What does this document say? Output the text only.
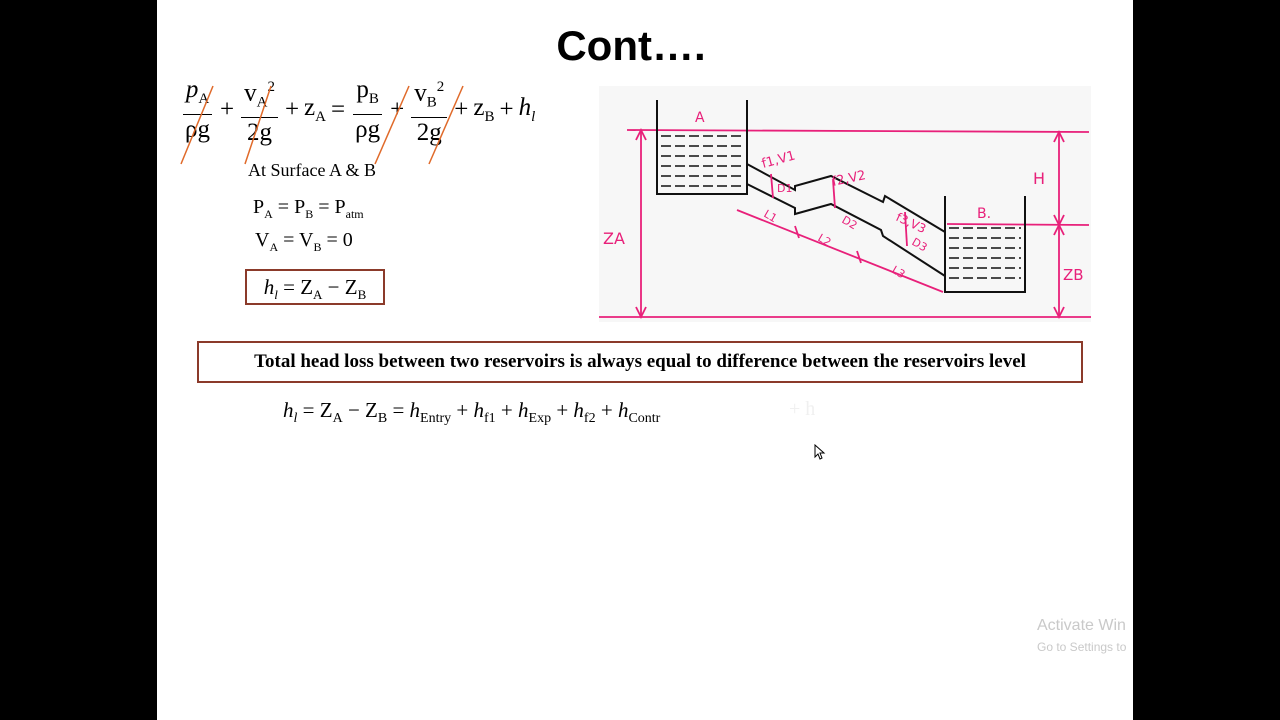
Cont….
$\frac{p_A}{\rho g} + \frac{v_A^2}{2g} + z_A = \frac{p_B}{\rho g} + \frac{v_B^2}{2g} + z_B + h_l$
At Surface A & B
$P_A = P_B = P_{atm}$
$V_A = V_B = 0$
$h_l = Z_A - Z_B$
A
B.
H
ZA
ZB
f1,V1
f2,V2
f3,V3
D1
D2
D3
L1
L2
L3
Total head loss between two reservoirs is always equal to difference between the reservoirs level
$h_l = Z_A - Z_B = h_{Entry} + h_{f1} + h_{Exp} + h_{f2} + h_{Contr}$	+ h
Activate Win
Go to Settings to
